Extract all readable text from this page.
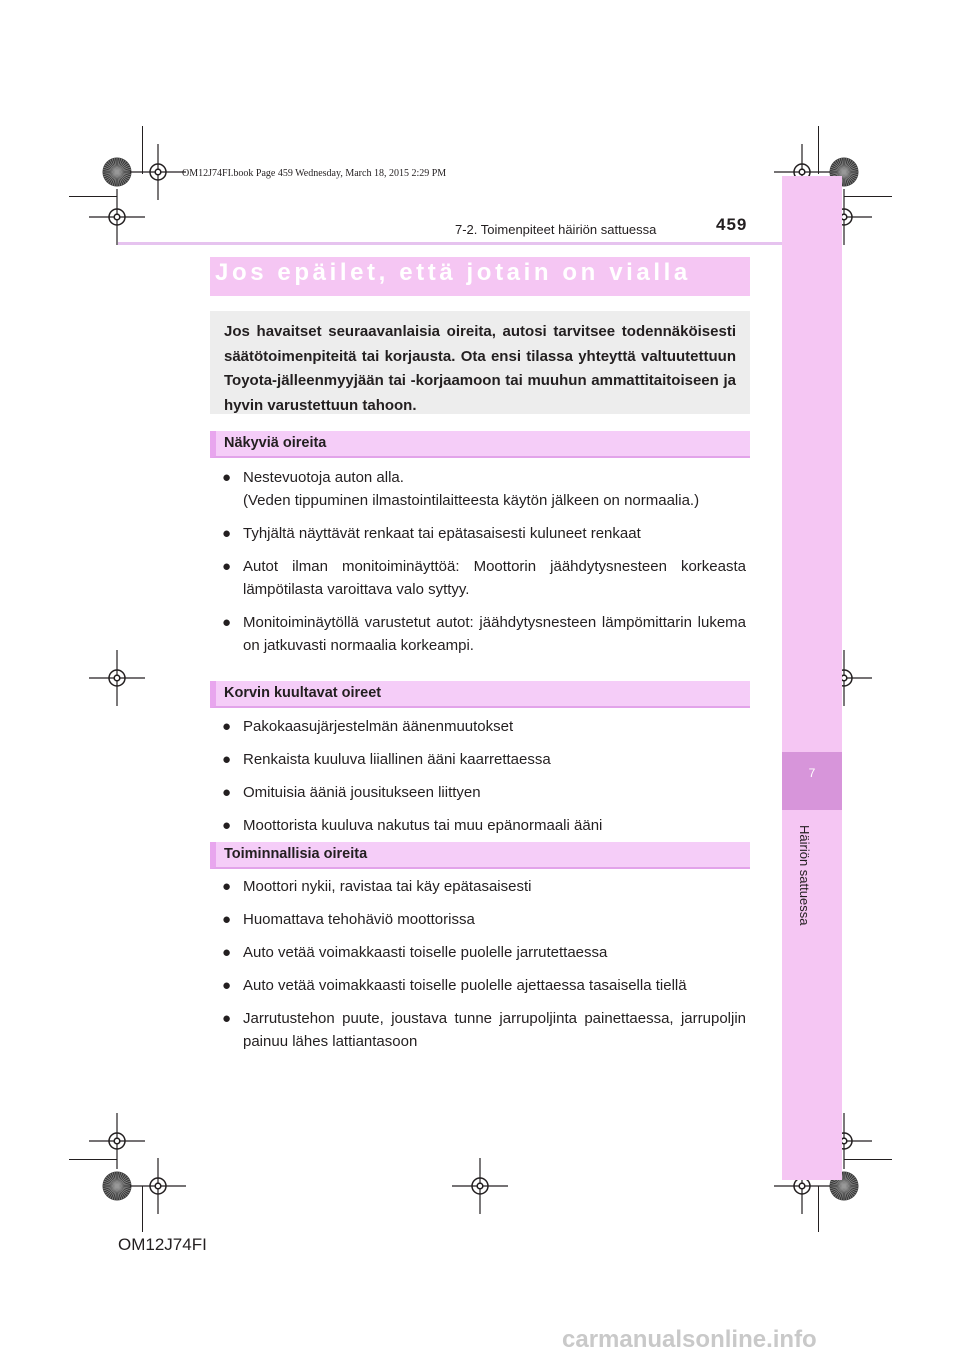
OM12J74FI.book Page 459 Wednesday, March 18, 2015 2:29 PM
7-2. Toimenpiteet häiriön sattuessa	459
7
Häiriön sattuessa
Jos epäilet, että jotain on vialla

Jos havaitset seuraavanlaisia oireita, autosi tarvitsee todennäköisesti säätötoimenpiteitä tai korjausta. Ota ensi tilassa yhteyttä valtuutettuun Toyota-jälleenmyyjään tai -korjaamoon tai muuhun ammattitaitoiseen ja hyvin varustettuun tahoon.

Näkyviä oireita
● Nestevuotoja auton alla.
(Veden tippuminen ilmastointilaitteesta käytön jälkeen on normaalia.)
● Tyhjältä näyttävät renkaat tai epätasaisesti kuluneet renkaat
● Autot ilman monitoiminäyttöä: Moottorin jäähdytysnesteen korkeasta lämpötilasta varoittava valo syttyy.
● Monitoiminäytöllä varustetut autot: jäähdytysnesteen lämpömittarin lukema on jatkuvasti normaalia korkeampi.
Korvin kuultavat oireet
● Pakokaasujärjestelmän äänenmuutokset
● Renkaista kuuluva liiallinen ääni kaarrettaessa
● Omituisia ääniä jousitukseen liittyen
● Moottorista kuuluva nakutus tai muu epänormaali ääni
Toiminnallisia oireita
● Moottori nykii, ravistaa tai käy epätasaisesti
● Huomattava tehohäviö moottorissa
● Auto vetää voimakkaasti toiselle puolelle jarrutettaessa
● Auto vetää voimakkaasti toiselle puolelle ajettaessa tasaisella tiellä
● Jarrutustehon puute, joustava tunne jarrupoljinta painettaessa, jarrupoljin painuu lähes lattiantasoon
OM12J74FI
carmanualsonline.info
